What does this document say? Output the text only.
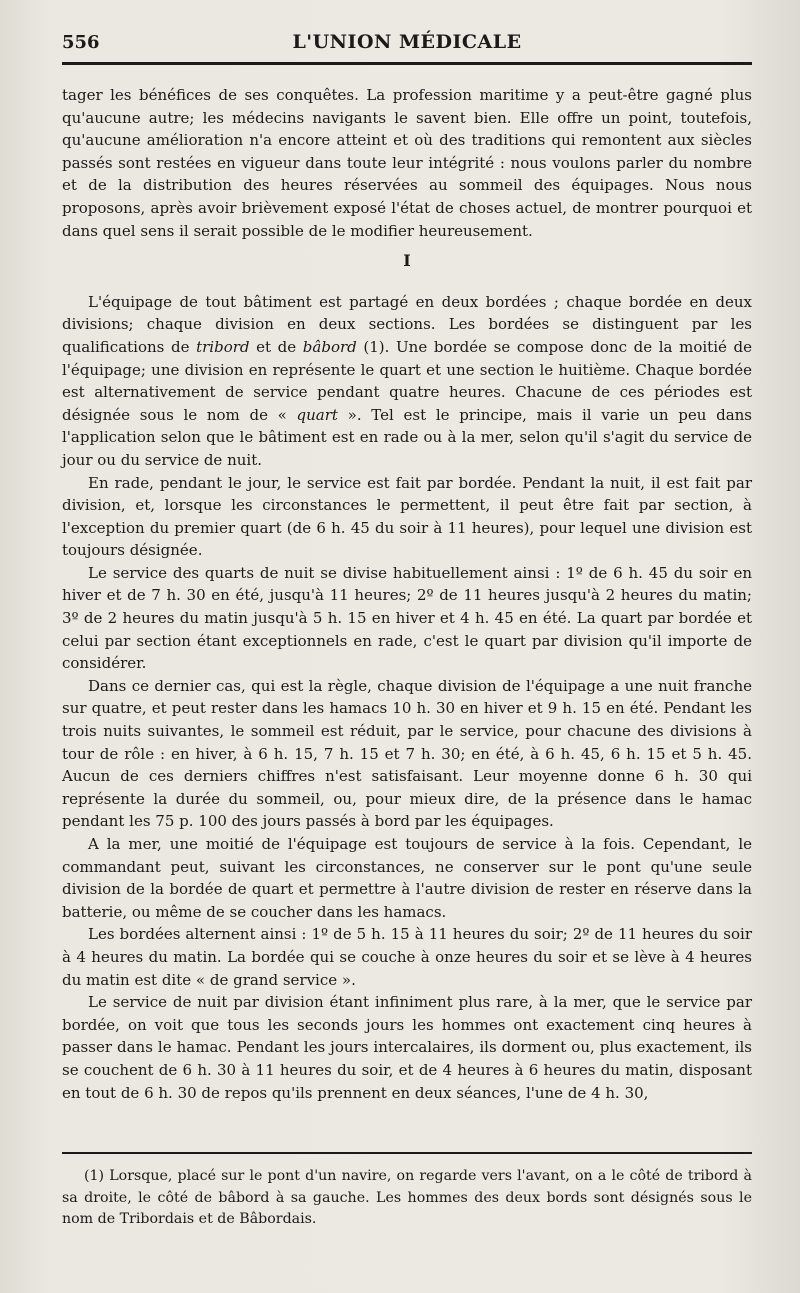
556	L'UNION MÉDICALE

tager les bénéfices de ses conquêtes. La profession maritime y a peut-être gagné plus qu'aucune autre; les médecins navigants le savent bien. Elle offre un point, toutefois, qu'aucune amélioration n'a encore atteint et où des traditions qui remontent aux siècles passés sont restées en vigueur dans toute leur intégrité : nous voulons parler du nombre et de la distribution des heures réservées au sommeil des équipages. Nous nous proposons, après avoir brièvement exposé l'état de choses actuel, de montrer pourquoi et dans quel sens il serait possible de le modifier heureusement.

I

L'équipage de tout bâtiment est partagé en deux bordées ; chaque bordée en deux divisions; chaque division en deux sections. Les bordées se distinguent par les qualifications de tribord et de bâbord (1). Une bordée se compose donc de la moitié de l'équipage; une division en représente le quart et une section le huitième. Chaque bordée est alternativement de service pendant quatre heures. Chacune de ces périodes est désignée sous le nom de « quart ». Tel est le principe, mais il varie un peu dans l'application selon que le bâtiment est en rade ou à la mer, selon qu'il s'agit du service de jour ou du service de nuit.

En rade, pendant le jour, le service est fait par bordée. Pendant la nuit, il est fait par division, et, lorsque les circonstances le permettent, il peut être fait par section, à l'exception du premier quart (de 6 h. 45 du soir à 11 heures), pour lequel une division est toujours désignée.

Le service des quarts de nuit se divise habituellement ainsi : 1º de 6 h. 45 du soir en hiver et de 7 h. 30 en été, jusqu'à 11 heures; 2º de 11 heures jusqu'à 2 heures du matin; 3º de 2 heures du matin jusqu'à 5 h. 15 en hiver et 4 h. 45 en été. La quart par bordée et celui par section étant exceptionnels en rade, c'est le quart par division qu'il importe de considérer.

Dans ce dernier cas, qui est la règle, chaque division de l'équipage a une nuit franche sur quatre, et peut rester dans les hamacs 10 h. 30 en hiver et 9 h. 15 en été. Pendant les trois nuits suivantes, le sommeil est réduit, par le service, pour chacune des divisions à tour de rôle : en hiver, à 6 h. 15, 7 h. 15 et 7 h. 30; en été, à 6 h. 45, 6 h. 15 et 5 h. 45. Aucun de ces derniers chiffres n'est satisfaisant. Leur moyenne donne 6 h. 30 qui représente la durée du sommeil, ou, pour mieux dire, de la présence dans le hamac pendant les 75 p. 100 des jours passés à bord par les équipages.

A la mer, une moitié de l'équipage est toujours de service à la fois. Cependant, le commandant peut, suivant les circonstances, ne conserver sur le pont qu'une seule division de la bordée de quart et permettre à l'autre division de rester en réserve dans la batterie, ou même de se coucher dans les hamacs.

Les bordées alternent ainsi : 1º de 5 h. 15 à 11 heures du soir; 2º de 11 heures du soir à 4 heures du matin. La bordée qui se couche à onze heures du soir et se lève à 4 heures du matin est dite « de grand service ».

Le service de nuit par division étant infiniment plus rare, à la mer, que le service par bordée, on voit que tous les seconds jours les hommes ont exactement cinq heures à passer dans le hamac. Pendant les jours intercalaires, ils dorment ou, plus exactement, ils se couchent de 6 h. 30 à 11 heures du soir, et de 4 heures à 6 heures du matin, disposant en tout de 6 h. 30 de repos qu'ils prennent en deux séances, l'une de 4 h. 30,

(1) Lorsque, placé sur le pont d'un navire, on regarde vers l'avant, on a le côté de tribord à sa droite, le côté de bâbord à sa gauche. Les hommes des deux bords sont désignés sous le nom de Tribordais et de Bâbordais.
